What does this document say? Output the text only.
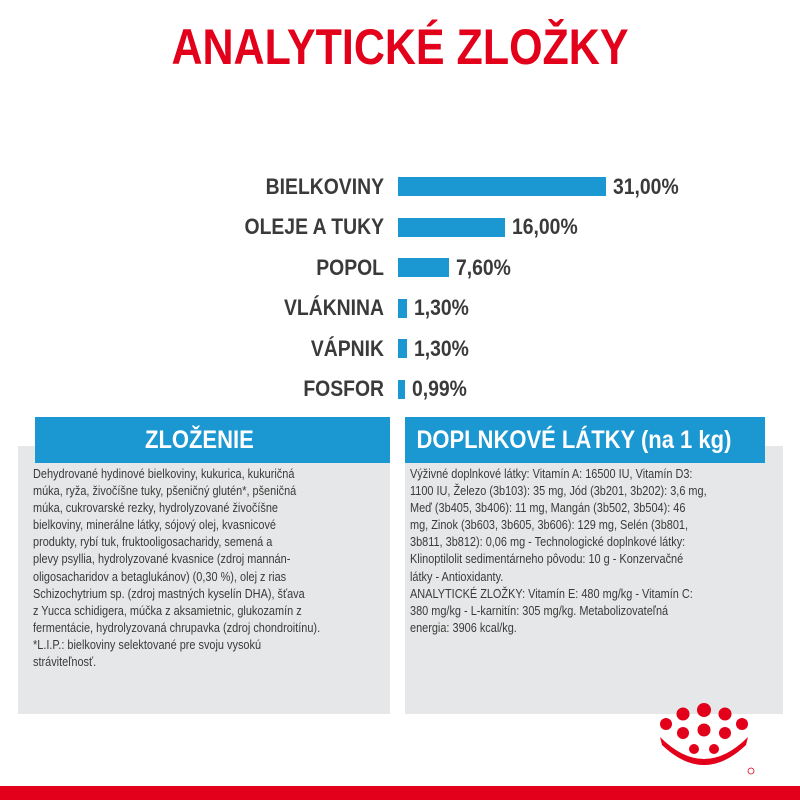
ANALYTICKÉ ZLOŽKY
BIELKOVINY	31,00%
OLEJE A TUKY	16,00%
POPOL	7,60%
VLÁKNINA 1,30%
VÁPNIK 1,30%
FOSFOR 0,99%
ZLOŽENIE
Dehydrované hydinové bielkoviny, kukurica, kukuričná
múka, ryža, živočíšne tuky, pšeničný glutén*, pšeničná
múka, cukrovarské rezky, hydrolyzované živočíšne
bielkoviny, minerálne látky, sójový olej, kvasnicové
produkty, rybí tuk, fruktooligosacharidy, semená a
plevy psyllia, hydrolyzované kvasnice (zdroj mannán-
oligosacharidov a betaglukánov) (0,30 %), olej z rias
Schizochytrium sp. (zdroj mastných kyselín DHA), šťava
z Yucca schidigera, múčka z aksamietnic, glukozamín z
fermentácie, hydrolyzovaná chrupavka (zdroj chondroitínu).
*L.I.P.: bielkoviny selektované pre svoju vysokú
stráviteľnosť.
DOPLNKOVÉ LÁTKY (na 1 kg)
Výživné doplnkové látky: Vitamín A: 16500 IU, Vitamín D3:
1100 IU, Železo (3b103): 35 mg, Jód (3b201, 3b202): 3,6 mg,
Meď (3b405, 3b406): 11 mg, Mangán (3b502, 3b504): 46
mg, Zinok (3b603, 3b605, 3b606): 129 mg, Selén (3b801,
3b811, 3b812): 0,06 mg - Technologické doplnkové látky:
Klinoptilolit sedimentárneho pôvodu: 10 g - Konzervačné
látky - Antioxidanty.
ANALYTICKÉ ZLOŽKY: Vitamín E: 480 mg/kg - Vitamín C:
380 mg/kg - L-karnitín: 305 mg/kg. Metabolizovateľná
energia: 3906 kcal/kg.
